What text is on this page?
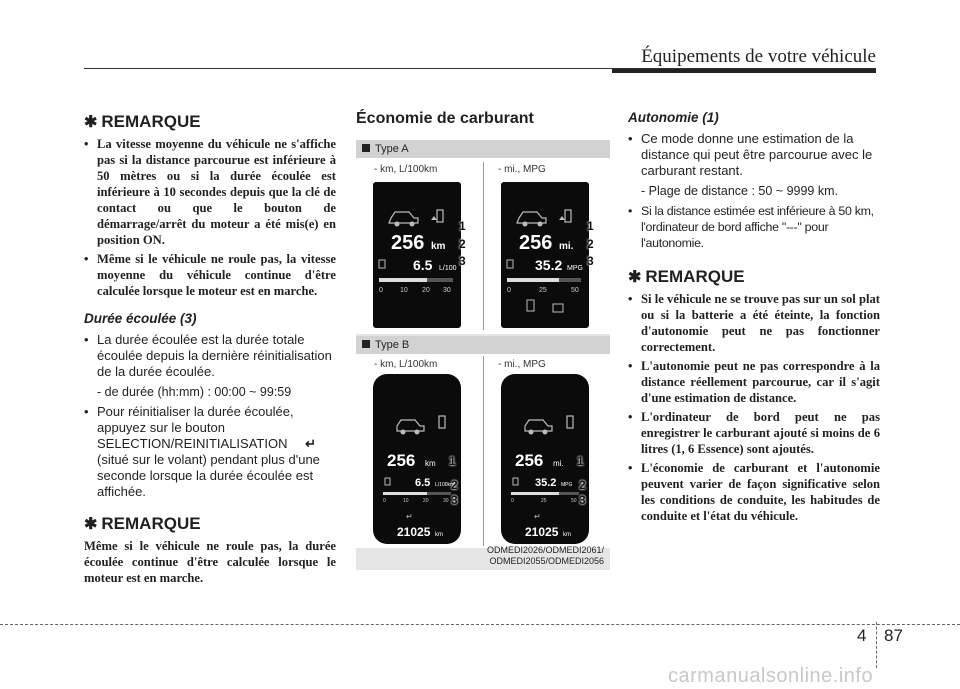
Équipements de votre véhicule
✱ REMARQUE
• La vitesse moyenne du véhicule ne s'affiche pas si la distance parcourue est inférieure à 50 mètres ou si la durée écoulée est inférieure à 10 secondes depuis que la clé de contact ou que le bouton de démarrage/arrêt du moteur a été mis(e) en position ON.
• Même si le véhicule ne roule pas, la vitesse moyenne du véhicule continue d'être calculée lorsque le moteur est en marche.
Durée écoulée (3)
• La durée écoulée est la durée totale écoulée depuis la dernière réinitialisation de la durée écoulée.
- de durée (hh:mm) : 00:00 ~ 99:59
• Pour réinitialiser la durée écoulée, appuyez sur le bouton SELECTION/REINITIALISATION ↵ (situé sur le volant) pendant plus d'une seconde lorsque la durée écoulée est affichée.
✱ REMARQUE

Même si le véhicule ne roule pas, la durée écoulée continue d'être calculée lorsque le moteur est en marche.

Économie de carburant
Type A
- km, L/100km	- mi., MPG
256 km
6.5 L/100
0 10 20 30
1
2
3
256 mi.
35.2 MPG
0	25	50
1
2
3
Type B
- km, L/100km	- mi., MPG
256 km
6.5 L/100km
0	10	20	30
↵
21025 km
1
2
3
256 mi.
35.2 MPG
0	25	50
↵
21025 km
1
2
3
ODMEDI2026/ODMEDI2061/
ODMEDI2055/ODMEDI2056
Autonomie (1)
• Ce mode donne une estimation de la distance qui peut être parcourue avec le carburant restant.
- Plage de distance : 50 ~ 9999 km.
• Si la distance estimée est inférieure à 50 km, l'ordinateur de bord affiche "---" pour l'autonomie.
✱ REMARQUE
• Si le véhicule ne se trouve pas sur un sol plat ou si la batterie a été éteinte, la fonction d'autonomie peut ne pas fonctionner correctement.
• L'autonomie peut ne pas correspondre à la distance réellement parcourue, car il s'agit d'une estimation de distance.
• L'ordinateur de bord peut ne pas enregistrer le carburant ajouté si moins de 6 litres (1, 6 Essence) sont ajoutés.
• L'économie de carburant et l'autonomie peuvent varier de façon significative selon les conditions de conduite, les habitudes de conduite et l'état du véhicule.
4 87
carmanualsonline.info
